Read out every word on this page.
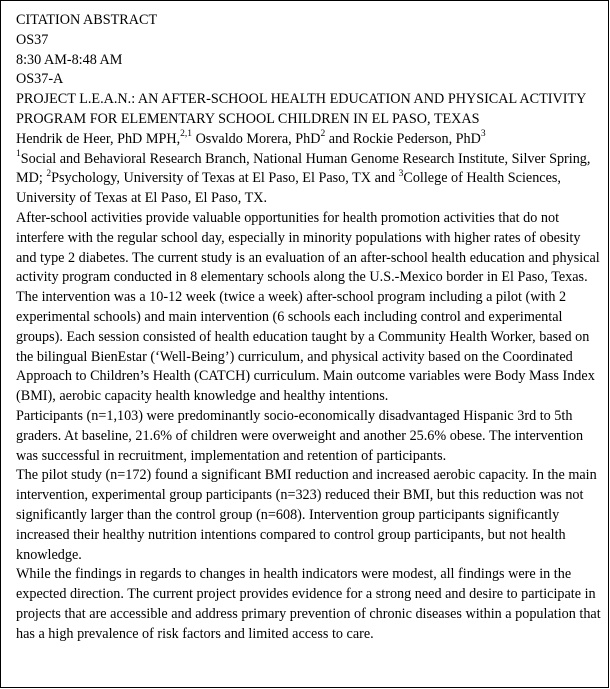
CITATION ABSTRACT
OS37
8:30 AM-8:48 AM
OS37-A
PROJECT L.E.A.N.: AN AFTER-SCHOOL HEALTH EDUCATION AND PHYSICAL ACTIVITY PROGRAM FOR ELEMENTARY SCHOOL CHILDREN IN EL PASO, TEXAS
Hendrik de Heer, PhD MPH,$^{2,1}$ Osvaldo Morera, PhD$^2$ and Rockie Pederson, PhD$^3$
$^1$Social and Behavioral Research Branch, National Human Genome Research Institute, Silver Spring, MD; $^2$Psychology, University of Texas at El Paso, El Paso, TX and $^3$College of Health Sciences, University of Texas at El Paso, El Paso, TX.
After-school activities provide valuable opportunities for health promotion activities that do not interfere with the regular school day, especially in minority populations with higher rates of obesity and type 2 diabetes. The current study is an evaluation of an after-school health education and physical activity program conducted in 8 elementary schools along the U.S.-Mexico border in El Paso, Texas.
The intervention was a 10-12 week (twice a week) after-school program including a pilot (with 2 experimental schools) and main intervention (6 schools each including control and experimental groups). Each session consisted of health education taught by a Community Health Worker, based on the bilingual BienEstar (‘Well-Being’) curriculum, and physical activity based on the Coordinated Approach to Children’s Health (CATCH) curriculum. Main outcome variables were Body Mass Index (BMI), aerobic capacity health knowledge and healthy intentions.
Participants (n=1,103) were predominantly socio-economically disadvantaged Hispanic 3rd to 5th graders. At baseline, 21.6% of children were overweight and another 25.6% obese. The intervention was successful in recruitment, implementation and retention of participants.
The pilot study (n=172) found a significant BMI reduction and increased aerobic capacity. In the main intervention, experimental group participants (n=323) reduced their BMI, but this reduction was not significantly larger than the control group (n=608). Intervention group participants significantly increased their healthy nutrition intentions compared to control group participants, but not health knowledge.
While the findings in regards to changes in health indicators were modest, all findings were in the expected direction. The current project provides evidence for a strong need and desire to participate in projects that are accessible and address primary prevention of chronic diseases within a population that has a high prevalence of risk factors and limited access to care.
